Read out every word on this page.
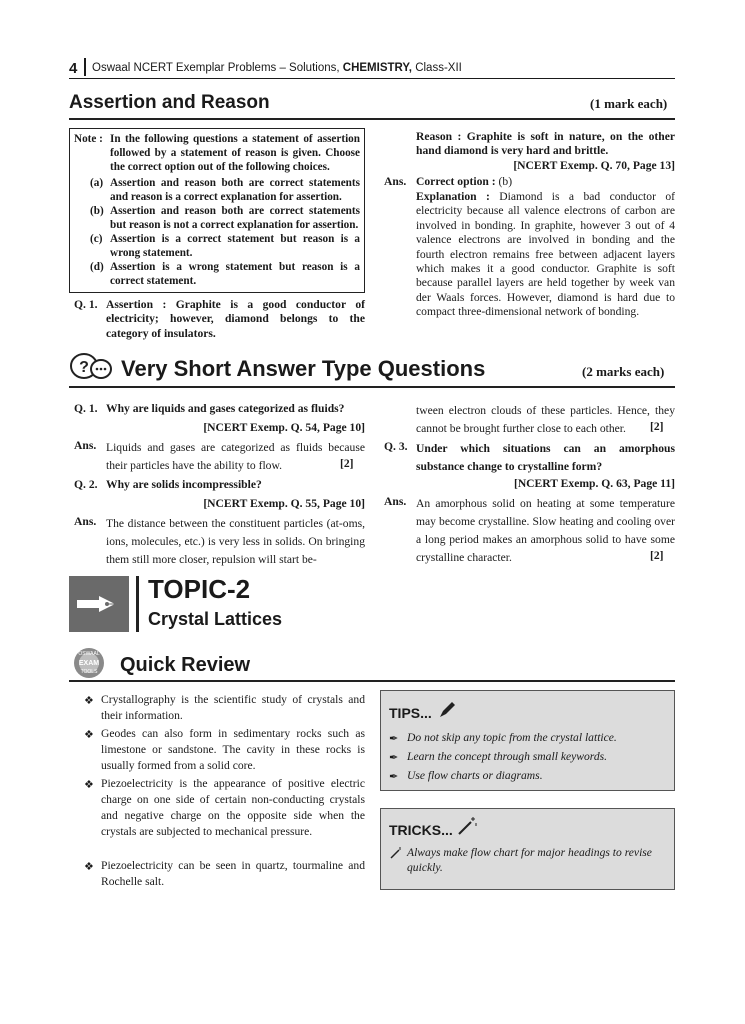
4 Oswaal NCERT Exemplar Problems – Solutions, CHEMISTRY, Class-XII
Assertion and Reason	(1 mark each)
Note : In the following questions a statement of assertion followed by a statement of reason is given. Choose the correct option out of the following choices.
(a) Assertion and reason both are correct statements and reason is a correct explanation for assertion.
(b) Assertion and reason both are correct statements but reason is not a correct explanation for assertion.
(c) Assertion is a correct statement but reason is a wrong statement.
(d) Assertion is a wrong statement but reason is a correct statement.
Q. 1. Assertion : Graphite is a good conductor of electricity; however, diamond belongs to the category of insulators.
Reason : Graphite is soft in nature, on the other hand diamond is very hard and brittle.
[NCERT Exemp. Q. 70, Page 13]
Ans. Correct option : (b)
Explanation : Diamond is a bad conductor of electricity because all valence electrons of carbon are involved in bonding. In graphite, however 3 out of 4 valence electrons are involved in bonding and the fourth electron remains free between adjacent layers which makes it a good conductor. Graphite is soft because parallel layers are held together by week van der Waals forces. However, diamond is hard due to compact three-dimensional network of bonding.
? Very Short Answer Type Questions	(2 marks each)
Q. 1. Why are liquids and gases categorized as fluids?
[NCERT Exemp. Q. 54, Page 10]
Ans. Liquids and gases are categorized as fluids because their particles have the ability to flow.	[2]
Q. 2. Why are solids incompressible?
[NCERT Exemp. Q. 55, Page 10]
Ans. The distance between the constituent particles (at-oms, ions, molecules, etc.) is very less in solids. On bringing them still more closer, repulsion will start be-
tween electron clouds of these particles. Hence, they cannot be brought further close to each other.	[2]
Q. 3. Under which situations can an amorphous substance change to crystalline form?
[NCERT Exemp. Q. 63, Page 11]
Ans. An amorphous solid on heating at some temperature may become crystalline. Slow heating and cooling over a long period makes an amorphous solid to have some crystalline character.	[2]
TOPIC-2
Crystal Lattices
OSWAAL
EXAM
TOOLS Quick Review
❖ Crystallography is the scientific study of crystals and their information.
❖ Geodes can also form in sedimentary rocks such as limestone or sandstone. The cavity in these rocks is usually formed from a solid core.
❖ Piezoelectricity is the appearance of positive electric charge on one side of certain non-conducting crystals and negative charge on the opposite side when the crystals are subjected to mechanical pressure.
❖ Piezoelectricity can be seen in quartz, tourmaline and Rochelle salt.
TIPS...
✒ Do not skip any topic from the crystal lattice.
✒ Learn the concept through small keywords.
✒ Use flow charts or diagrams.
TRICKS...
Always make flow chart for major headings to revise quickly.
